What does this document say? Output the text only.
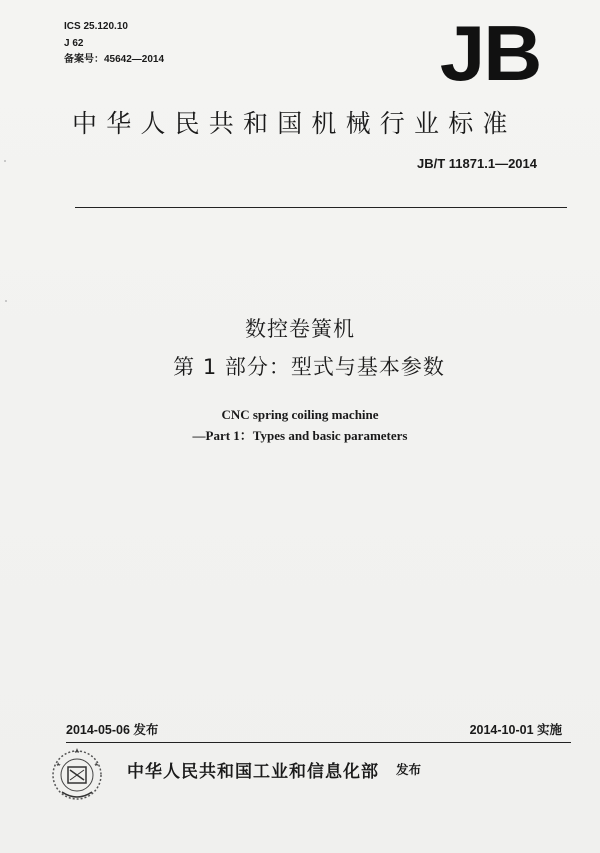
ICS 25.120.10
J 62
备案号：45642—2014	JB
中华人民共和国机械行业标准
JB/T 11871.1—2014
数控卷簧机
第 1 部分：型式与基本参数
CNC spring coiling machine
—Part 1：Types and basic parameters
2014-05-06 发布	2014-10-01 实施
中华人民共和国工业和信息化部 发布
